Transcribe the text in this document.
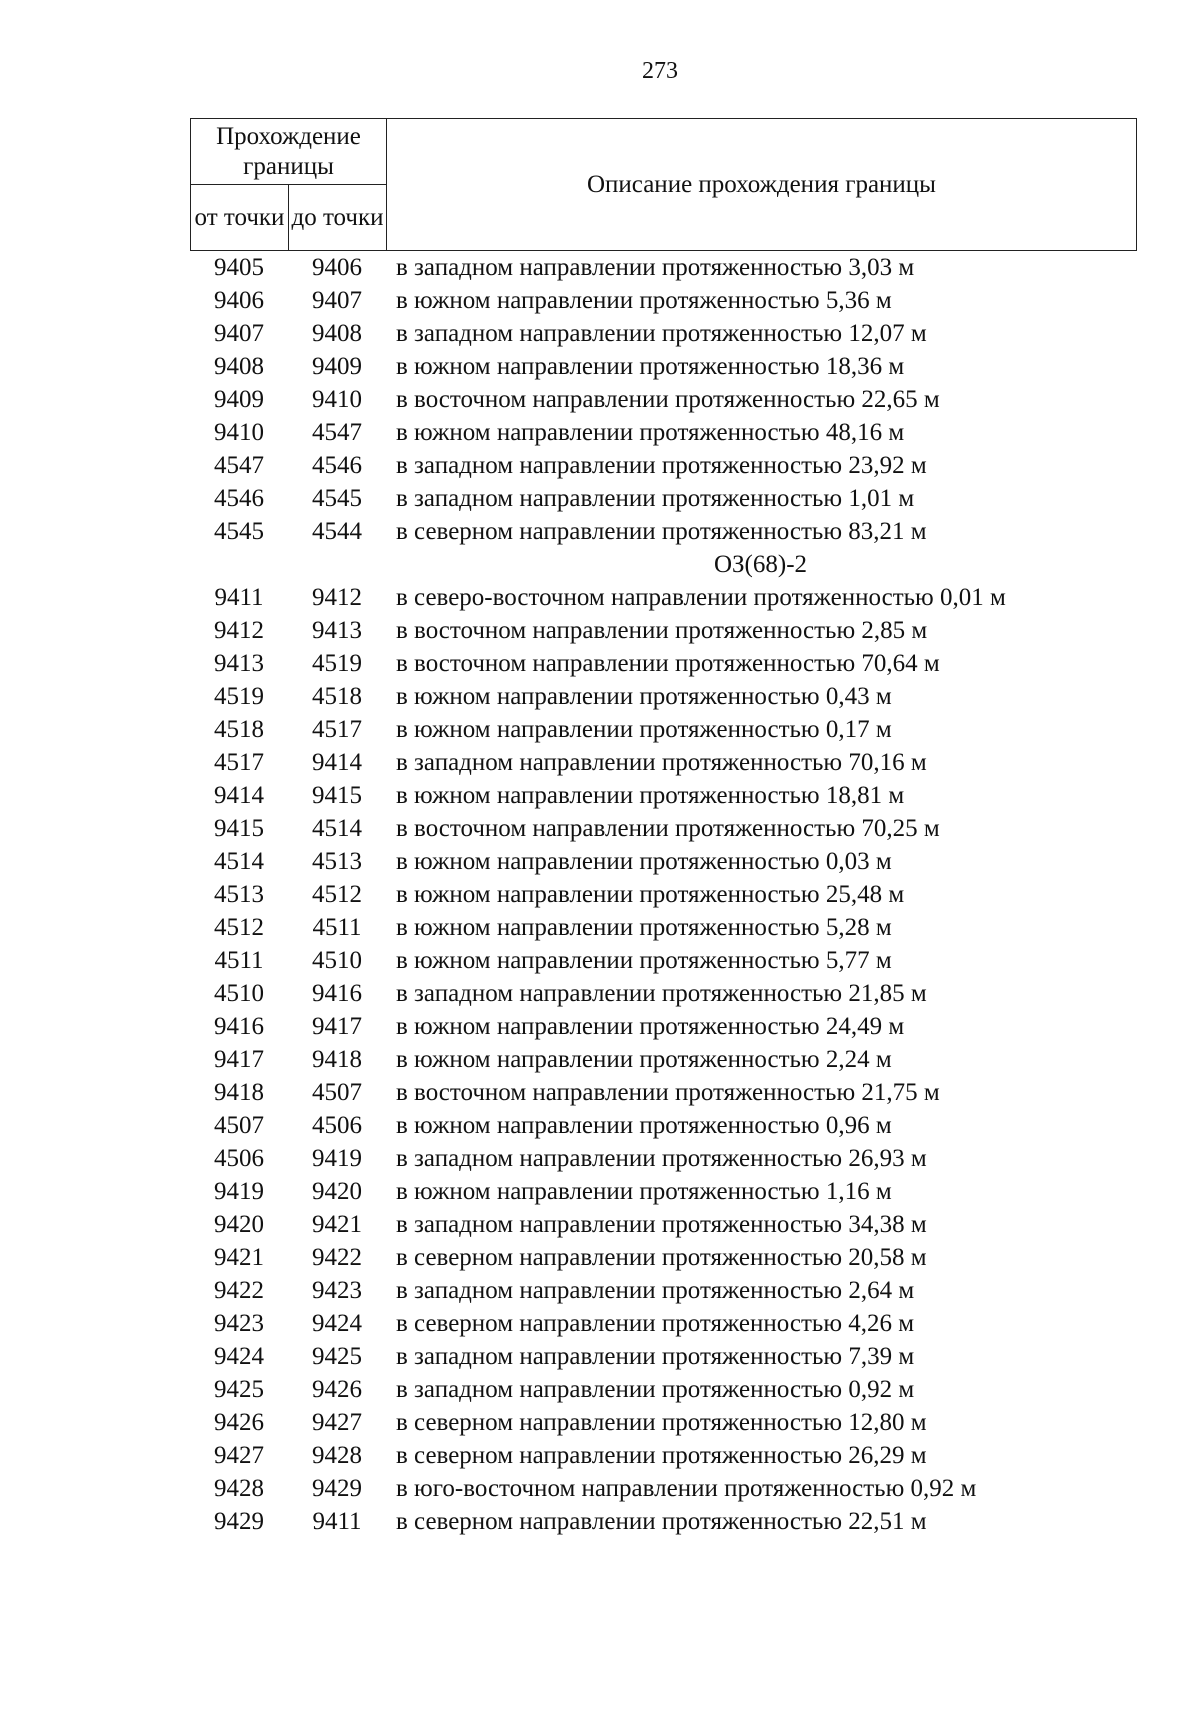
273
Прохождение границы		Описание прохождения границы
от точки	до точки	
9405	9406	в западном направлении протяженностью 3,03 м
9406	9407	в южном направлении протяженностью 5,36 м
9407	9408	в западном направлении протяженностью 12,07 м
9408	9409	в южном направлении протяженностью 18,36 м
9409	9410	в восточном направлении протяженностью 22,65 м
9410	4547	в южном направлении протяженностью 48,16 м
4547	4546	в западном направлении протяженностью 23,92 м
4546	4545	в западном направлении протяженностью 1,01 м
4545	4544	в северном направлении протяженностью 83,21 м
ОЗ(68)-2
9411	9412	в северо-восточном направлении протяженностью 0,01 м
9412	9413	в восточном направлении протяженностью 2,85 м
9413	4519	в восточном направлении протяженностью 70,64 м
4519	4518	в южном направлении протяженностью 0,43 м
4518	4517	в южном направлении протяженностью 0,17 м
4517	9414	в западном направлении протяженностью 70,16 м
9414	9415	в южном направлении протяженностью 18,81 м
9415	4514	в восточном направлении протяженностью 70,25 м
4514	4513	в южном направлении протяженностью 0,03 м
4513	4512	в южном направлении протяженностью 25,48 м
4512	4511	в южном направлении протяженностью 5,28 м
4511	4510	в южном направлении протяженностью 5,77 м
4510	9416	в западном направлении протяженностью 21,85 м
9416	9417	в южном направлении протяженностью 24,49 м
9417	9418	в южном направлении протяженностью 2,24 м
9418	4507	в восточном направлении протяженностью 21,75 м
4507	4506	в южном направлении протяженностью 0,96 м
4506	9419	в западном направлении протяженностью 26,93 м
9419	9420	в южном направлении протяженностью 1,16 м
9420	9421	в западном направлении протяженностью 34,38 м
9421	9422	в северном направлении протяженностью 20,58 м
9422	9423	в западном направлении протяженностью 2,64 м
9423	9424	в северном направлении протяженностью 4,26 м
9424	9425	в западном направлении протяженностью 7,39 м
9425	9426	в западном направлении протяженностью 0,92 м
9426	9427	в северном направлении протяженностью 12,80 м
9427	9428	в северном направлении протяженностью 26,29 м
9428	9429	в юго-восточном направлении протяженностью 0,92 м
9429	9411	в северном направлении протяженностью 22,51 м
